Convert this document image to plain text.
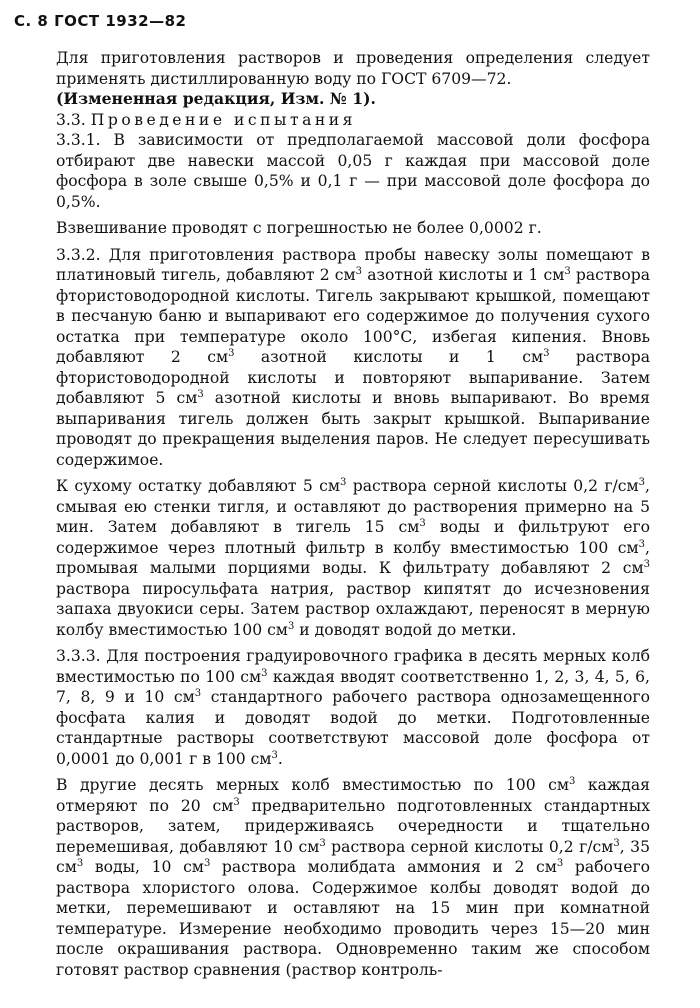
С. 8 ГОСТ 1932—82

Для приготовления растворов и проведения определения следует применять дистиллированную воду по ГОСТ 6709—72.

(Измененная редакция, Изм. № 1).

3.3. Проведение испытания

3.3.1. В зависимости от предполагаемой массовой доли фосфора отбирают две навески массой 0,05 г каждая при массовой доле фосфора в золе свыше 0,5% и 0,1 г — при массовой доле фосфора до 0,5%.

Взвешивание проводят с погрешностью не более 0,0002 г.

3.3.2. Для приготовления раствора пробы навеску золы помещают в платиновый тигель, добавляют 2 $см^3$ азотной кислоты и 1 $см^3$ раствора фтористоводородной кислоты. Тигель закрывают крышкой, помещают в песчаную баню и выпаривают его содержимое до получения сухого остатка при температуре около 100°С, избегая кипения. Вновь добавляют 2 $см^3$ азотной кислоты и 1 $см^3$ раствора фтористоводородной кислоты и повторяют выпаривание. Затем добавляют 5 $см^3$ азотной кислоты и вновь выпаривают. Во время выпаривания тигель должен быть закрыт крышкой. Выпаривание проводят до прекращения выделения паров. Не следует пересушивать содержимое.

К сухому остатку добавляют 5 $см^3$ раствора серной кислоты 0,2 $г/см^3$, смывая ею стенки тигля, и оставляют до растворения примерно на 5 мин. Затем добавляют в тигель 15 $см^3$ воды и фильтруют его содержимое через плотный фильтр в колбу вместимостью 100 $см^3$, промывая малыми порциями воды. К фильтрату добавляют 2 $см^3$ раствора пиросульфата натрия, раствор кипятят до исчезновения запаха двуокиси серы. Затем раствор охлаждают, переносят в мерную колбу вместимостью 100 $см^3$ и доводят водой до метки.

3.3.3. Для построения градуировочного графика в десять мерных колб вместимостью по 100 $см^3$ каждая вводят соответственно 1, 2, 3, 4, 5, 6, 7, 8, 9 и 10 $см^3$ стандартного рабочего раствора однозамещенного фосфата калия и доводят водой до метки. Подготовленные стандартные растворы соответствуют массовой доле фосфора от 0,0001 до 0,001 г в 100 $см^3$.

В другие десять мерных колб вместимостью по 100 $см^3$ каждая отмеряют по 20 $см^3$ предварительно подготовленных стандартных растворов, затем, придерживаясь очередности и тщательно перемешивая, добавляют 10 $см^3$ раствора серной кислоты 0,2 $г/см^3$, 35 $см^3$ воды, 10 $см^3$ раствора молибдата аммония и 2 $см^3$ рабочего раствора хлористого олова. Содержимое колбы доводят водой до метки, перемешивают и оставляют на 15 мин при комнатной температуре. Измерение необходимо проводить через 15—20 мин после окрашивания раствора. Одновременно таким же способом готовят раствор сравнения (раствор контроль-
